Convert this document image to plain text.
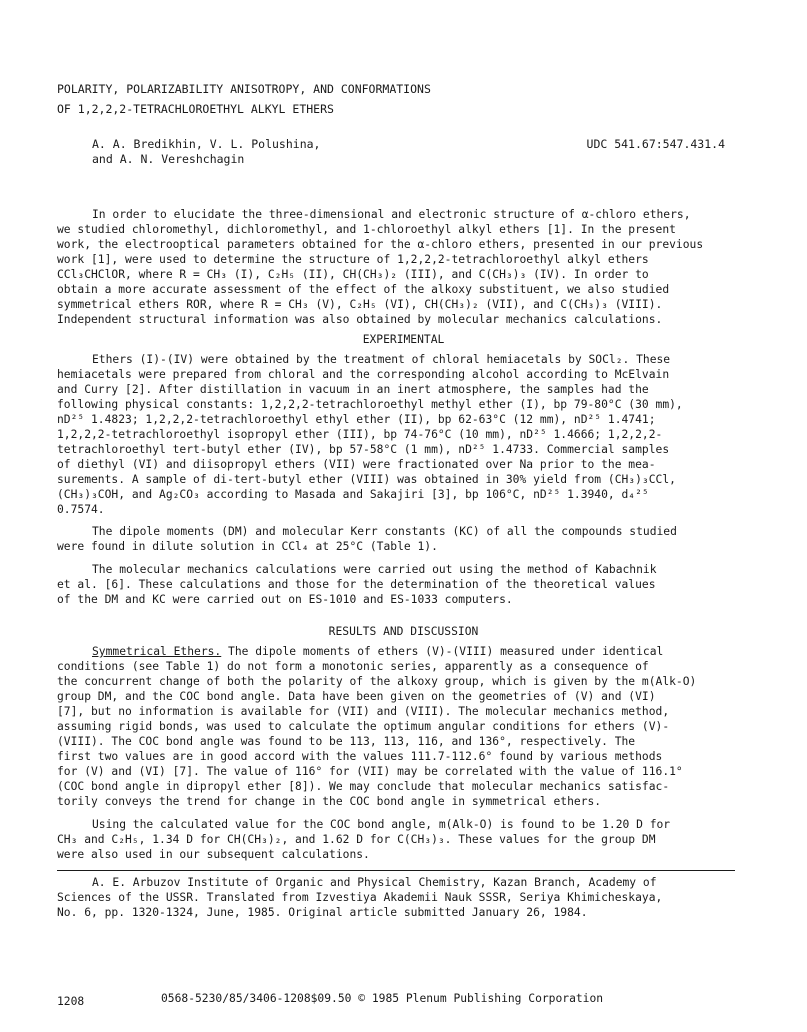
POLARITY, POLARIZABILITY ANISOTROPY, AND CONFORMATIONS
OF 1,2,2,2-TETRACHLOROETHYL ALKYL ETHERS
A. A. Bredikhin, V. L. Polushina,
and A. N. Vereshchagin
UDC 541.67:547.431.4
In order to elucidate the three-dimensional and electronic structure of α-chloro ethers,
we studied chloromethyl, dichloromethyl, and 1-chloroethyl alkyl ethers [1]. In the present
work, the electrooptical parameters obtained for the α-chloro ethers, presented in our previous
work [1], were used to determine the structure of 1,2,2,2-tetrachloroethyl alkyl ethers
CCl₃CHClOR, where R = CH₃ (I), C₂H₅ (II), CH(CH₃)₂ (III), and C(CH₃)₃ (IV). In order to
obtain a more accurate assessment of the effect of the alkoxy substituent, we also studied
symmetrical ethers ROR, where R = CH₃ (V), C₂H₅ (VI), CH(CH₃)₂ (VII), and C(CH₃)₃ (VIII).
Independent structural information was also obtained by molecular mechanics calculations.
EXPERIMENTAL
Ethers (I)-(IV) were obtained by the treatment of chloral hemiacetals by SOCl₂. These
hemiacetals were prepared from chloral and the corresponding alcohol according to McElvain
and Curry [2]. After distillation in vacuum in an inert atmosphere, the samples had the
following physical constants: 1,2,2,2-tetrachloroethyl methyl ether (I), bp 79-80°C (30 mm),
nD²⁵ 1.4823; 1,2,2,2-tetrachloroethyl ethyl ether (II), bp 62-63°C (12 mm), nD²⁵ 1.4741;
1,2,2,2-tetrachloroethyl isopropyl ether (III), bp 74-76°C (10 mm), nD²⁵ 1.4666; 1,2,2,2-
tetrachloroethyl tert-butyl ether (IV), bp 57-58°C (1 mm), nD²⁵ 1.4733. Commercial samples
of diethyl (VI) and diisopropyl ethers (VII) were fractionated over Na prior to the mea-
surements. A sample of di-tert-butyl ether (VIII) was obtained in 30% yield from (CH₃)₃CCl,
(CH₃)₃COH, and Ag₂CO₃ according to Masada and Sakajiri [3], bp 106°C, nD²⁵ 1.3940, d₄²⁵
0.7574.
The dipole moments (DM) and molecular Kerr constants (KC) of all the compounds studied
were found in dilute solution in CCl₄ at 25°C (Table 1).
The molecular mechanics calculations were carried out using the method of Kabachnik
et al. [6]. These calculations and those for the determination of the theoretical values
of the DM and KC were carried out on ES-1010 and ES-1033 computers.
RESULTS AND DISCUSSION
Symmetrical Ethers. The dipole moments of ethers (V)-(VIII) measured under identical
conditions (see Table 1) do not form a monotonic series, apparently as a consequence of
the concurrent change of both the polarity of the alkoxy group, which is given by the m(Alk-O)
group DM, and the COC bond angle. Data have been given on the geometries of (V) and (VI)
[7], but no information is available for (VII) and (VIII). The molecular mechanics method,
assuming rigid bonds, was used to calculate the optimum angular conditions for ethers (V)-
(VIII). The COC bond angle was found to be 113, 113, 116, and 136°, respectively. The
first two values are in good accord with the values 111.7-112.6° found by various methods
for (V) and (VI) [7]. The value of 116° for (VII) may be correlated with the value of 116.1°
(COC bond angle in dipropyl ether [8]). We may conclude that molecular mechanics satisfac-
torily conveys the trend for change in the COC bond angle in symmetrical ethers.
Using the calculated value for the COC bond angle, m(Alk-O) is found to be 1.20 D for
CH₃ and C₂H₅, 1.34 D for CH(CH₃)₂, and 1.62 D for C(CH₃)₃. These values for the group DM
were also used in our subsequent calculations.
A. E. Arbuzov Institute of Organic and Physical Chemistry, Kazan Branch, Academy of
Sciences of the USSR. Translated from Izvestiya Akademii Nauk SSSR, Seriya Khimicheskaya,
No. 6, pp. 1320-1324, June, 1985. Original article submitted January 26, 1984.
1208	0568-5230/85/3406-1208$09.50 © 1985 Plenum Publishing Corporation
